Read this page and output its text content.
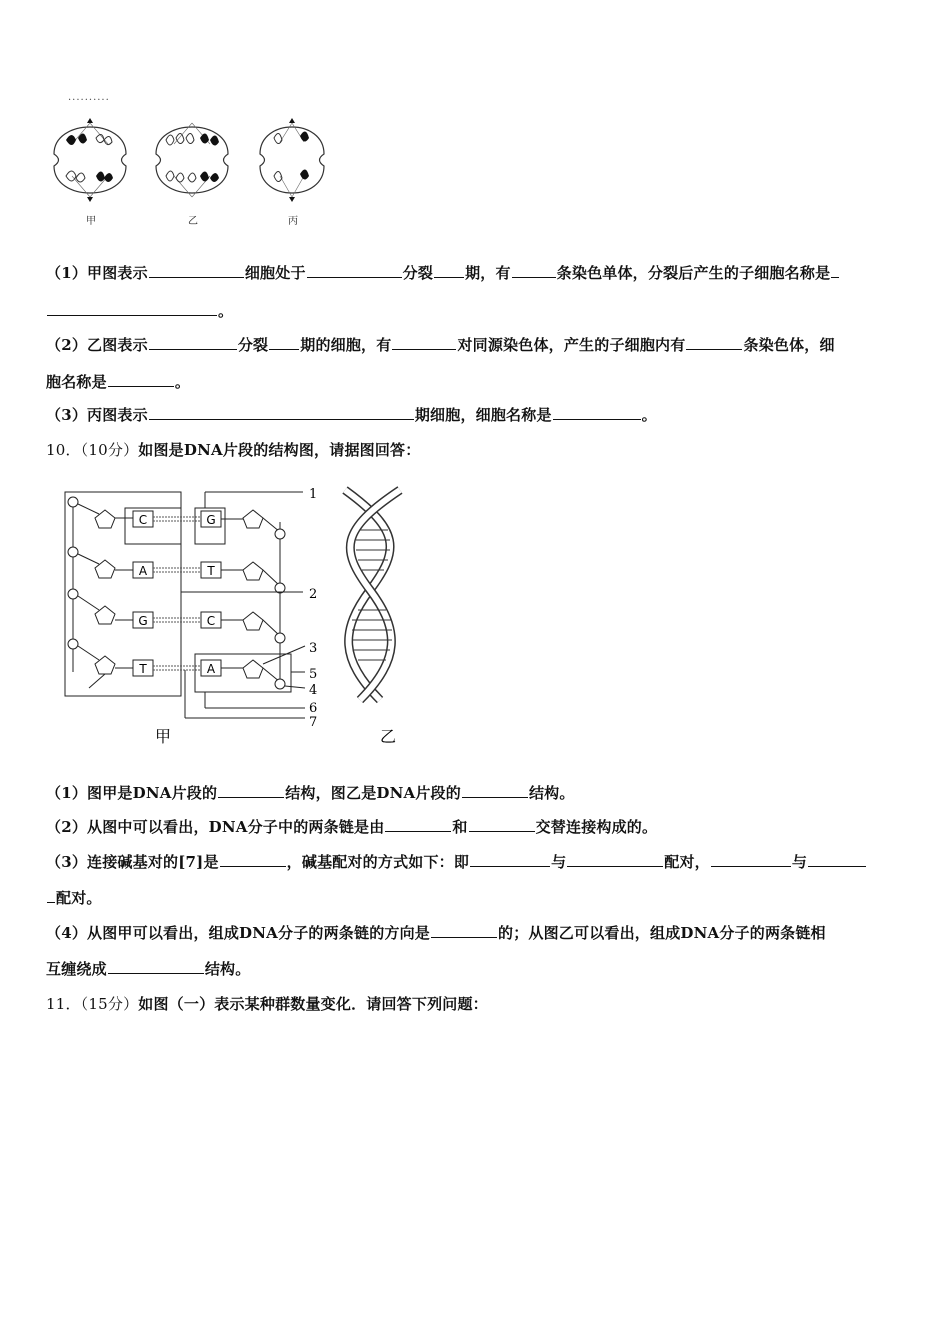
..........
甲	乙	丙
（1）甲图表示	细胞处于	分裂 期，有	条染色单体，分裂后产生的子细胞名称是
。
（2）乙图表示	分裂 期的细胞，有	对同源染色体，产生的子细胞内有	条染色体，细
胞名称是	。
（3）丙图表示	期细胞，细胞名称是	。
10．（10分）如图是DNA片段的结构图，请据图回答：
C	G
A	T
G	C
T	A
1
2
3
5
4
6
7
甲	乙
（1）图甲是DNA片段的	结构，图乙是DNA片段的	结构。
（2）从图中可以看出，DNA分子中的两条链是由	和	交替连接构成的。
（3）连接碱基对的[7]是	，碱基配对的方式如下：即	与	配对，	与
配对。
（4）从图甲可以看出，组成DNA分子的两条链的方向是	的；从图乙可以看出，组成DNA分子的两条链相
互缠绕成	结构。
11．（15分）如图（一）表示某种群数量变化．请回答下列问题：
